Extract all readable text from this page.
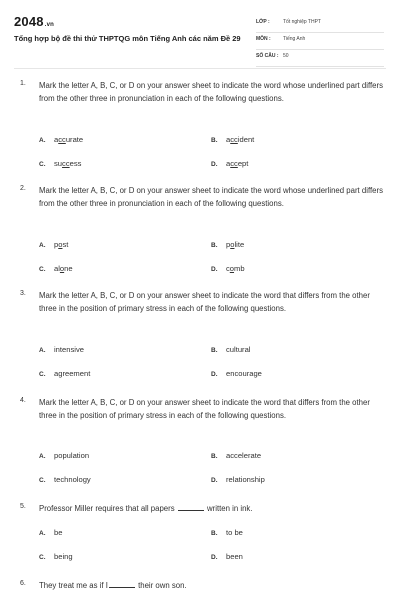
2048.vn
Tổng hợp bộ đề thi thử THPTQG môn Tiếng Anh các năm Đề 29
LỚP :	Tốt nghiệp THPT
MÔN : Tiếng Anh
SỐ CÂU : 50
1. Mark the letter A, B, C, or D on your answer sheet to indicate the word whose underlined part differs from the other three in pronunciation in each of the following questions.
A. accurate	B. accident
C. success	D. accept
2. Mark the letter A, B, C, or D on your answer sheet to indicate the word whose underlined part differs from the other three in pronunciation in each of the following questions.
A. post	B. polite
C. alone	D. comb
3. Mark the letter A, B, C, or D on your answer sheet to indicate the word that differs from the other three in the position of primary stress in each of the following questions.
A. intensive	B. cultural
C. agreement	D. encourage
4. Mark the letter A, B, C, or D on your answer sheet to indicate the word that differs from the other three in the position of primary stress in each of the following questions.
A. population	B. accelerate
C. technology	D. relationship
5. Professor Miller requires that all papers	written in ink.
A. be	B. to be
C. being	D. been
6. They treat me as if I	their own son.
